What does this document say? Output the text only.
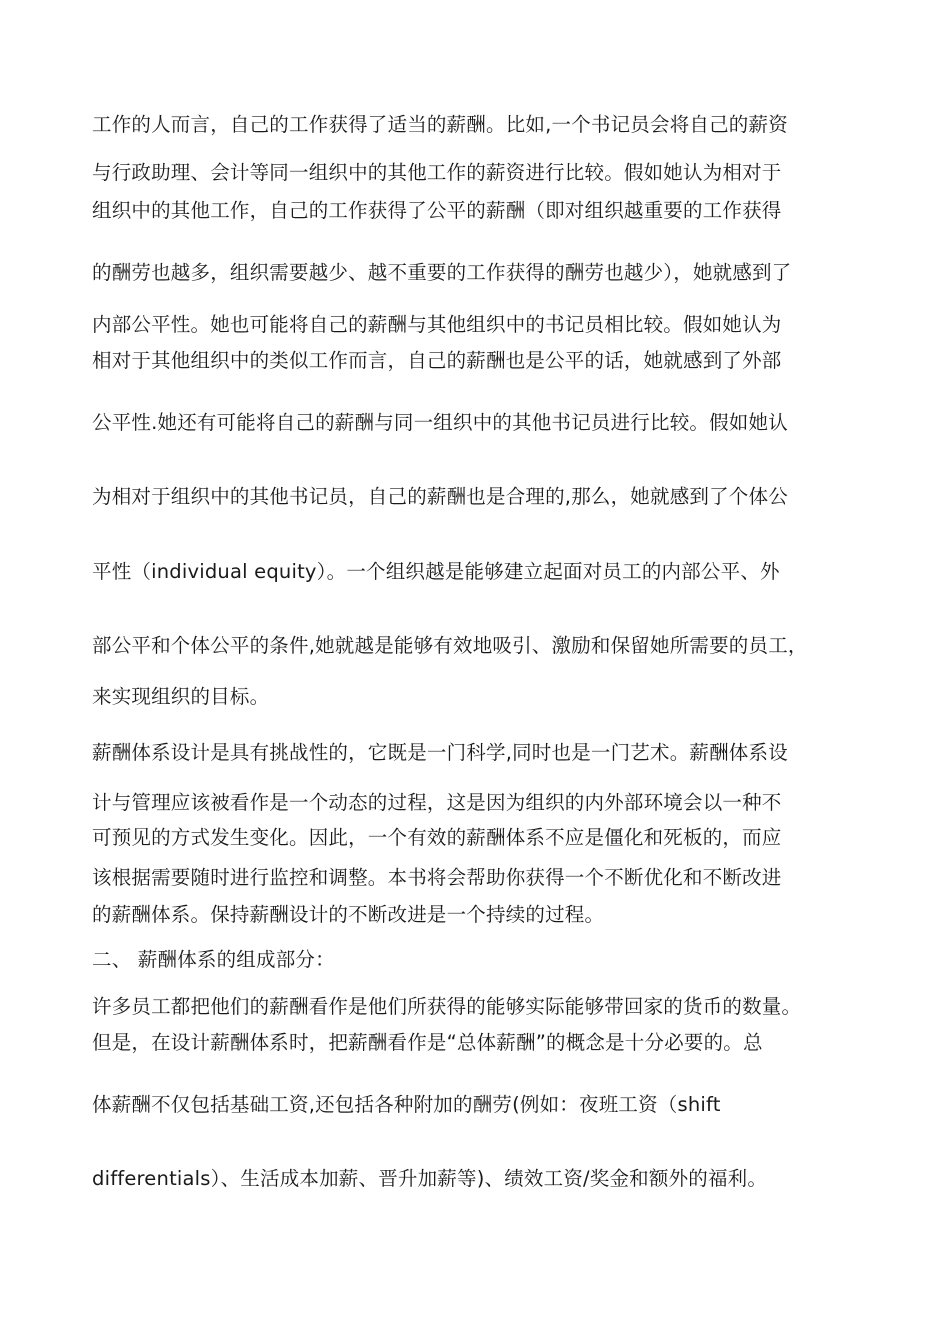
工作的人而言，自己的工作获得了适当的薪酬。比如,一个书记员会将自己的薪资
与行政助理、会计等同一组织中的其他工作的薪资进行比较。假如她认为相对于
组织中的其他工作，自己的工作获得了公平的薪酬（即对组织越重要的工作获得
的酬劳也越多，组织需要越少、越不重要的工作获得的酬劳也越少），她就感到了
内部公平性。她也可能将自己的薪酬与其他组织中的书记员相比较。假如她认为
相对于其他组织中的类似工作而言，自己的薪酬也是公平的话，她就感到了外部
公平性.她还有可能将自己的薪酬与同一组织中的其他书记员进行比较。假如她认
为相对于组织中的其他书记员，自己的薪酬也是合理的,那么，她就感到了个体公
平性（individual equity）。一个组织越是能够建立起面对员工的内部公平、外
部公平和个体公平的条件,她就越是能够有效地吸引、激励和保留她所需要的员工，
来实现组织的目标。
薪酬体系设计是具有挑战性的，它既是一门科学,同时也是一门艺术。薪酬体系设
计与管理应该被看作是一个动态的过程，这是因为组织的内外部环境会以一种不
可预见的方式发生变化。因此，一个有效的薪酬体系不应是僵化和死板的，而应
该根据需要随时进行监控和调整。本书将会帮助你获得一个不断优化和不断改进
的薪酬体系。保持薪酬设计的不断改进是一个持续的过程。
二、 薪酬体系的组成部分：
许多员工都把他们的薪酬看作是他们所获得的能够实际能够带回家的货币的数量。
但是，在设计薪酬体系时，把薪酬看作是“总体薪酬”的概念是十分必要的。总
体薪酬不仅包括基础工资,还包括各种附加的酬劳(例如：夜班工资（shift
differentials）、生活成本加薪、晋升加薪等)、绩效工资/奖金和额外的福利。
